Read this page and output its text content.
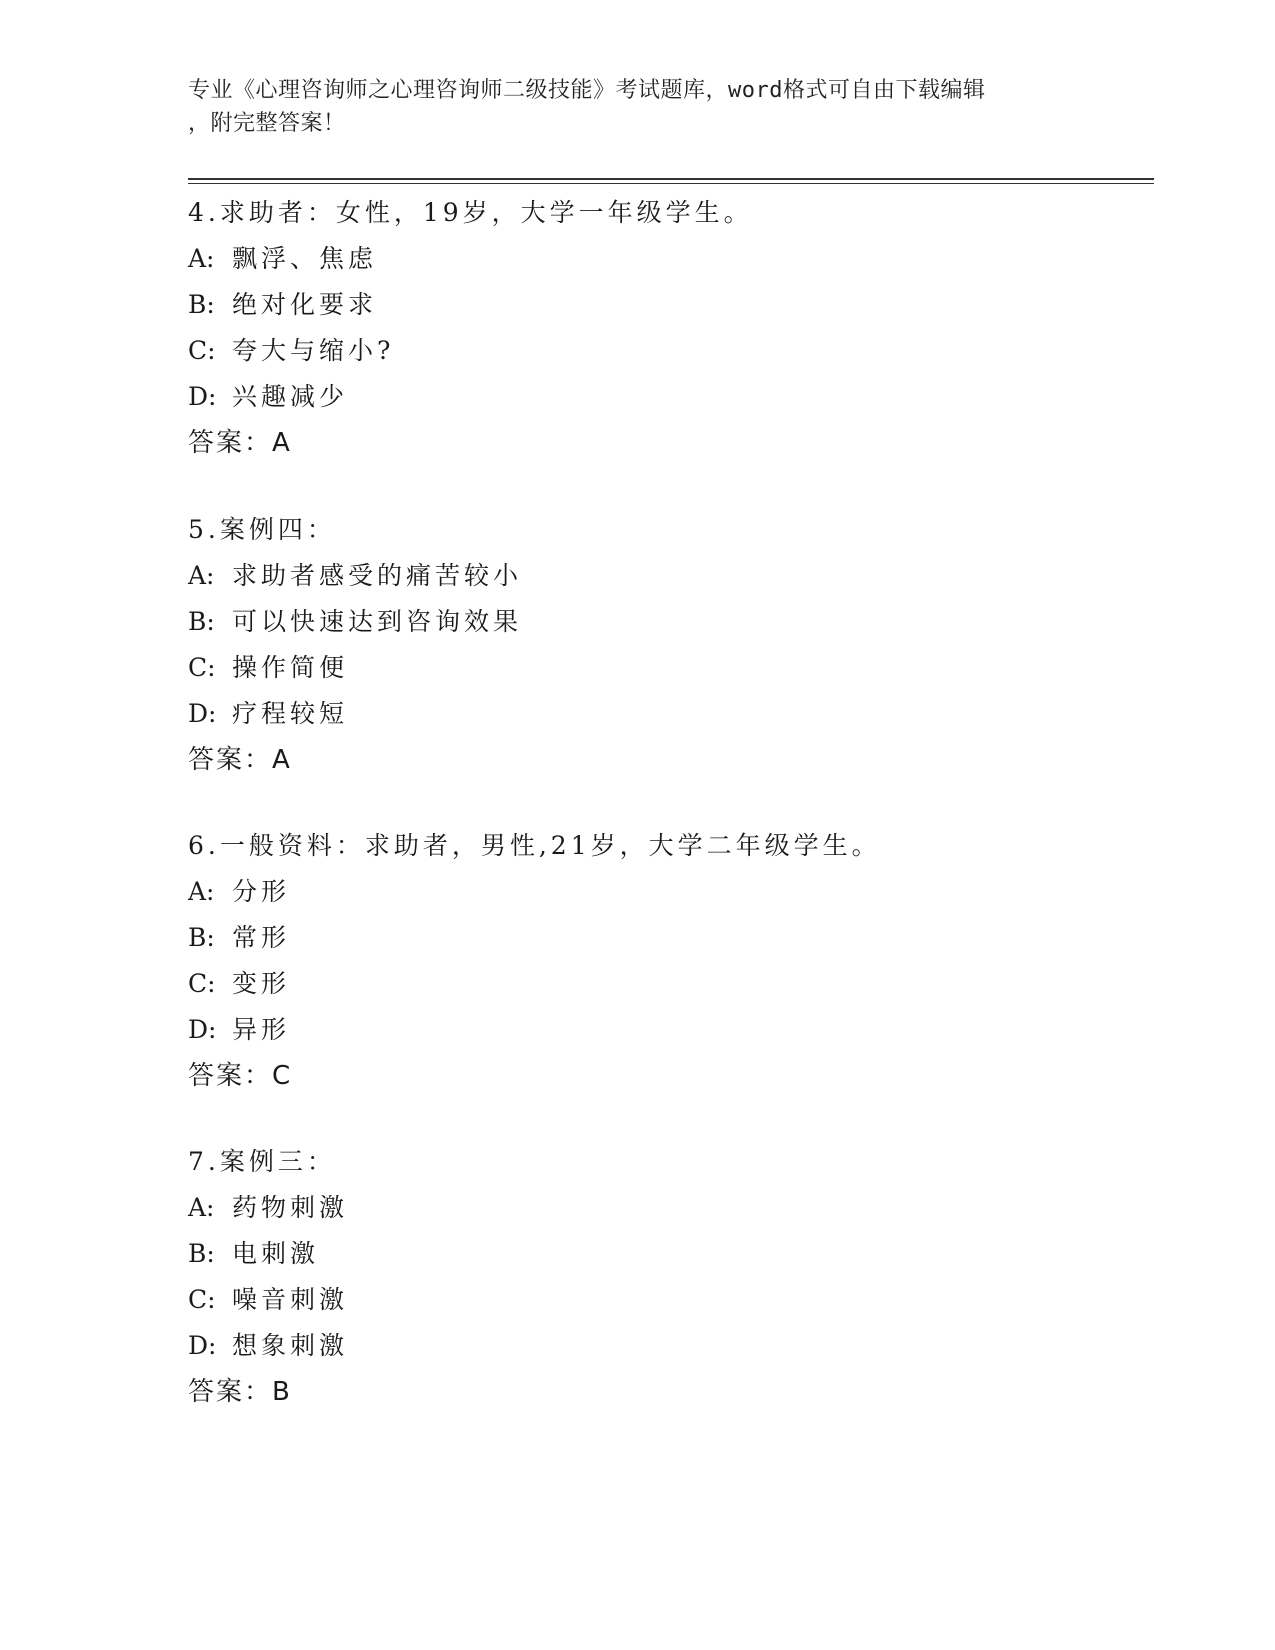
专业《心理咨询师之心理咨询师二级技能》考试题库，word格式可自由下载编辑
，附完整答案！
4.求助者：女性，19岁，大学一年级学生。
A: 飘浮、焦虑
B: 绝对化要求
C: 夸大与缩小?
D: 兴趣减少
答案：A
5.案例四：
A: 求助者感受的痛苦较小
B: 可以快速达到咨询效果
C: 操作简便
D: 疗程较短
答案：A
6.一般资料：求助者，男性,21岁，大学二年级学生。
A: 分形
B: 常形
C: 变形
D: 异形
答案：C
7.案例三：
A: 药物刺激
B: 电刺激
C: 噪音刺激
D: 想象刺激
答案：B
